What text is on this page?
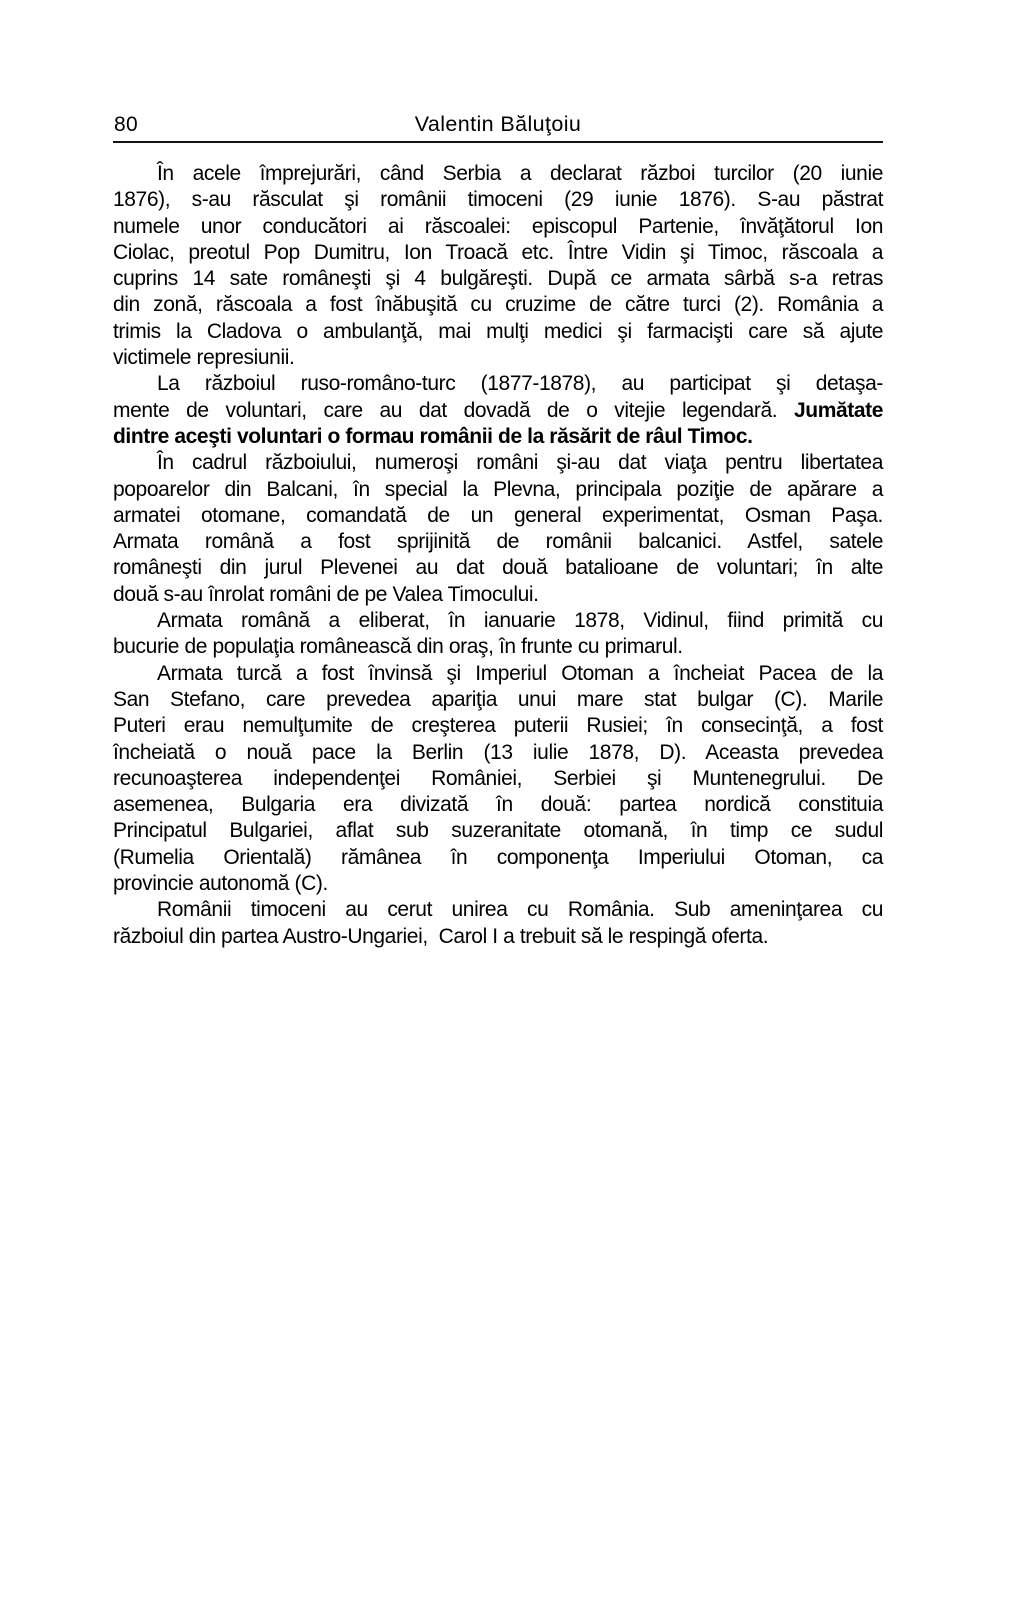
80	Valentin Băluţoiu
În acele împrejurări, când Serbia a declarat război turcilor (20 iunie
1876), s-au răsculat şi românii timoceni (29 iunie 1876). S-au păstrat
numele unor conducători ai răscoalei: episcopul Partenie, învăţătorul Ion
Ciolac, preotul Pop Dumitru, Ion Troacă etc. Între Vidin şi Timoc, răscoala a
cuprins 14 sate româneşti şi 4 bulgăreşti. După ce armata sârbă s-a retras
din zonă, răscoala a fost înăbuşită cu cruzime de către turci (2). România a
trimis la Cladova o ambulanţă, mai mulţi medici şi farmacişti care să ajute
victimele represiunii.
La războiul ruso-româno-turc (1877-1878), au participat şi detaşa-
mente de voluntari, care au dat dovadă de o vitejie legendară. Jumătate
dintre aceşti voluntari o formau românii de la răsărit de râul Timoc.
În cadrul războiului, numeroşi români şi-au dat viaţa pentru libertatea
popoarelor din Balcani, în special la Plevna, principala poziţie de apărare a
armatei otomane, comandată de un general experimentat, Osman Paşa.
Armata română a fost sprijinită de românii balcanici. Astfel, satele
româneşti din jurul Plevenei au dat două batalioane de voluntari; în alte
două s-au înrolat români de pe Valea Timocului.
Armata română a eliberat, în ianuarie 1878, Vidinul, fiind primită cu
bucurie de populaţia românească din oraş, în frunte cu primarul.
Armata turcă a fost învinsă şi Imperiul Otoman a încheiat Pacea de la
San Stefano, care prevedea apariţia unui mare stat bulgar (C). Marile
Puteri erau nemulţumite de creşterea puterii Rusiei; în consecinţă, a fost
încheiată o nouă pace la Berlin (13 iulie 1878, D). Aceasta prevedea
recunoaşterea independenţei României, Serbiei şi Muntenegrului. De
asemenea, Bulgaria era divizată în două: partea nordică constituia
Principatul Bulgariei, aflat sub suzeranitate otomană, în timp ce sudul
(Rumelia Orientală) rămânea în componenţa Imperiului Otoman, ca
provincie autonomă (C).
Românii timoceni au cerut unirea cu România. Sub ameninţarea cu
războiul din partea Austro-Ungariei,  Carol I a trebuit să le respingă oferta.
